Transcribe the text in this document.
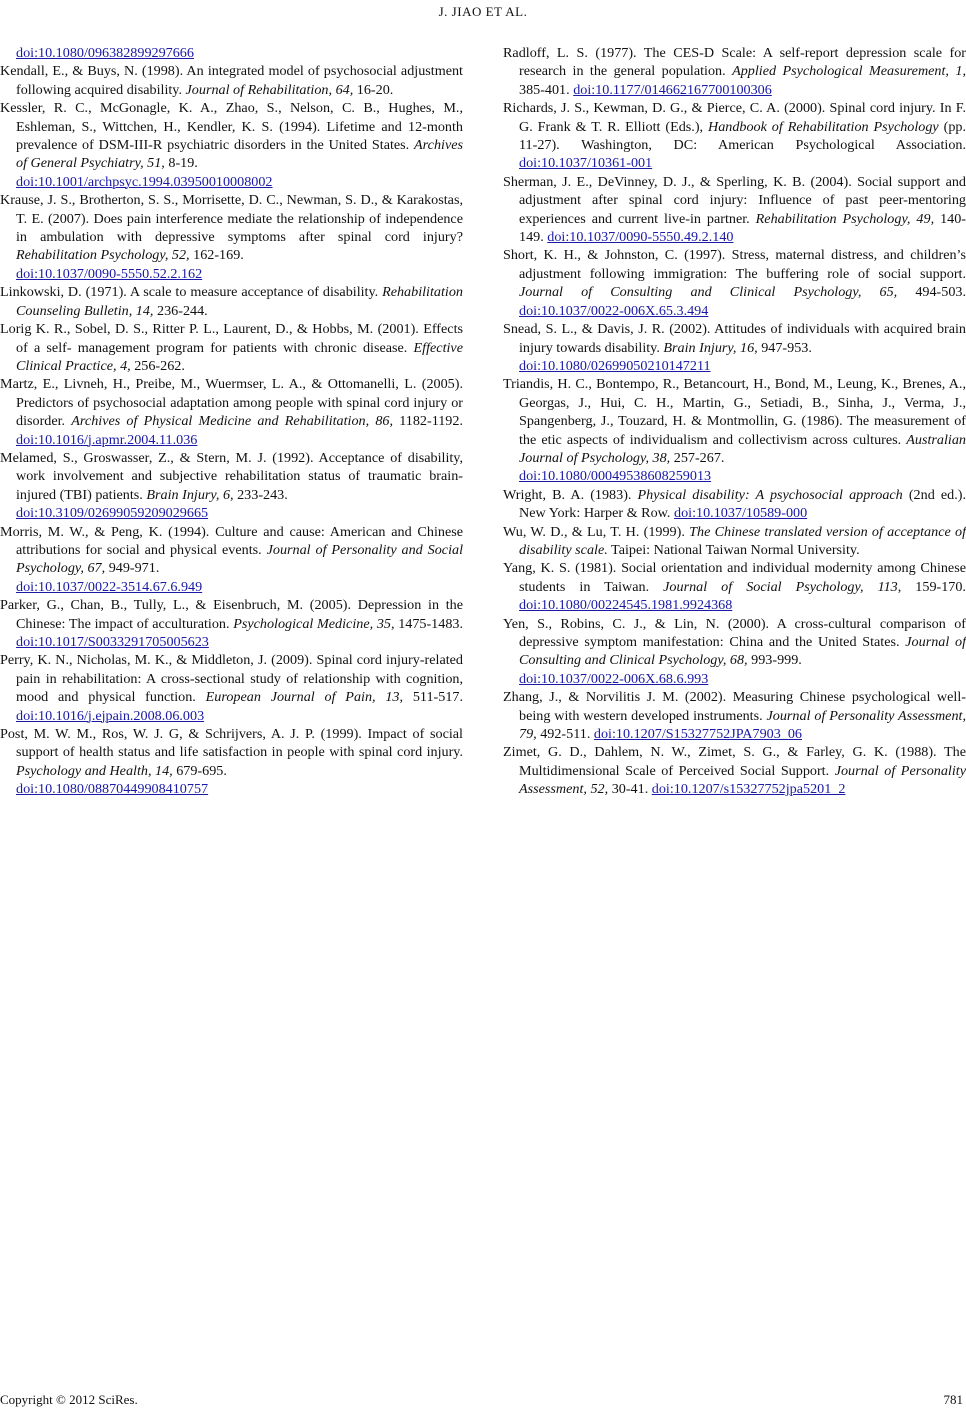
J. JIAO ET AL.
doi:10.1080/096382899297666
Kendall, E., & Buys, N. (1998). An integrated model of psychosocial adjustment following acquired disability. Journal of Rehabilitation, 64, 16-20.
Kessler, R. C., McGonagle, K. A., Zhao, S., Nelson, C. B., Hughes, M., Eshleman, S., Wittchen, H., Kendler, K. S. (1994). Lifetime and 12-month prevalence of DSM-III-R psychiatric disorders in the United States. Archives of General Psychiatry, 51, 8-19.
doi:10.1001/archpsyc.1994.03950010008002
Krause, J. S., Brotherton, S. S., Morrisette, D. C., Newman, S. D., & Karakostas, T. E. (2007). Does pain interference mediate the relationship of independence in ambulation with depressive symptoms after spinal cord injury? Rehabilitation Psychology, 52, 162-169.
doi:10.1037/0090-5550.52.2.162
Linkowski, D. (1971). A scale to measure acceptance of disability. Rehabilitation Counseling Bulletin, 14, 236-244.
Lorig K. R., Sobel, D. S., Ritter P. L., Laurent, D., & Hobbs, M. (2001). Effects of a self- management program for patients with chronic disease. Effective Clinical Practice, 4, 256-262.
Martz, E., Livneh, H., Preibe, M., Wuermser, L. A., & Ottomanelli, L. (2005). Predictors of psychosocial adaptation among people with spinal cord injury or disorder. Archives of Physical Medicine and Rehabilitation, 86, 1182-1192. doi:10.1016/j.apmr.2004.11.036
Melamed, S., Groswasser, Z., & Stern, M. J. (1992). Acceptance of disability, work involvement and subjective rehabilitation status of traumatic brain-injured (TBI) patients. Brain Injury, 6, 233-243.
doi:10.3109/02699059209029665
Morris, M. W., & Peng, K. (1994). Culture and cause: American and Chinese attributions for social and physical events. Journal of Personality and Social Psychology, 67, 949-971.
doi:10.1037/0022-3514.67.6.949
Parker, G., Chan, B., Tully, L., & Eisenbruch, M. (2005). Depression in the Chinese: The impact of acculturation. Psychological Medicine, 35, 1475-1483. doi:10.1017/S0033291705005623
Perry, K. N., Nicholas, M. K., & Middleton, J. (2009). Spinal cord injury-related pain in rehabilitation: A cross-sectional study of relationship with cognition, mood and physical function. European Journal of Pain, 13, 511-517. doi:10.1016/j.ejpain.2008.06.003
Post, M. W. M., Ros, W. J. G, & Schrijvers, A. J. P. (1999). Impact of social support of health status and life satisfaction in people with spinal cord injury. Psychology and Health, 14, 679-695.
doi:10.1080/08870449908410757
Radloff, L. S. (1977). The CES-D Scale: A self-report depression scale for research in the general population. Applied Psychological Measurement, 1, 385-401. doi:10.1177/014662167700100306
Richards, J. S., Kewman, D. G., & Pierce, C. A. (2000). Spinal cord injury. In F. G. Frank & T. R. Elliott (Eds.), Handbook of Rehabilitation Psychology (pp. 11-27). Washington, DC: American Psychological Association. doi:10.1037/10361-001
Sherman, J. E., DeVinney, D. J., & Sperling, K. B. (2004). Social support and adjustment after spinal cord injury: Influence of past peer-mentoring experiences and current live-in partner. Rehabilitation Psychology, 49, 140-149. doi:10.1037/0090-5550.49.2.140
Short, K. H., & Johnston, C. (1997). Stress, maternal distress, and children’s adjustment following immigration: The buffering role of social support. Journal of Consulting and Clinical Psychology, 65, 494-503. doi:10.1037/0022-006X.65.3.494
Snead, S. L., & Davis, J. R. (2002). Attitudes of individuals with acquired brain injury towards disability. Brain Injury, 16, 947-953.
doi:10.1080/02699050210147211
Triandis, H. C., Bontempo, R., Betancourt, H., Bond, M., Leung, K., Brenes, A., Georgas, J., Hui, C. H., Martin, G., Setiadi, B., Sinha, J., Verma, J., Spangenberg, J., Touzard, H. & Montmollin, G. (1986). The measurement of the etic aspects of individualism and collectivism across cultures. Australian Journal of Psychology, 38, 257-267.
doi:10.1080/00049538608259013
Wright, B. A. (1983). Physical disability: A psychosocial approach (2nd ed.). New York: Harper & Row. doi:10.1037/10589-000
Wu, W. D., & Lu, T. H. (1999). The Chinese translated version of acceptance of disability scale. Taipei: National Taiwan Normal University.
Yang, K. S. (1981). Social orientation and individual modernity among Chinese students in Taiwan. Journal of Social Psychology, 113, 159-170. doi:10.1080/00224545.1981.9924368
Yen, S., Robins, C. J., & Lin, N. (2000). A cross-cultural comparison of depressive symptom manifestation: China and the United States. Journal of Consulting and Clinical Psychology, 68, 993-999.
doi:10.1037/0022-006X.68.6.993
Zhang, J., & Norvilitis J. M. (2002). Measuring Chinese psychological well-being with western developed instruments. Journal of Personality Assessment, 79, 492-511. doi:10.1207/S15327752JPA7903_06
Zimet, G. D., Dahlem, N. W., Zimet, S. G., & Farley, G. K. (1988). The Multidimensional Scale of Perceived Social Support. Journal of Personality Assessment, 52, 30-41. doi:10.1207/s15327752jpa5201_2
Copyright © 2012 SciRes.	781
